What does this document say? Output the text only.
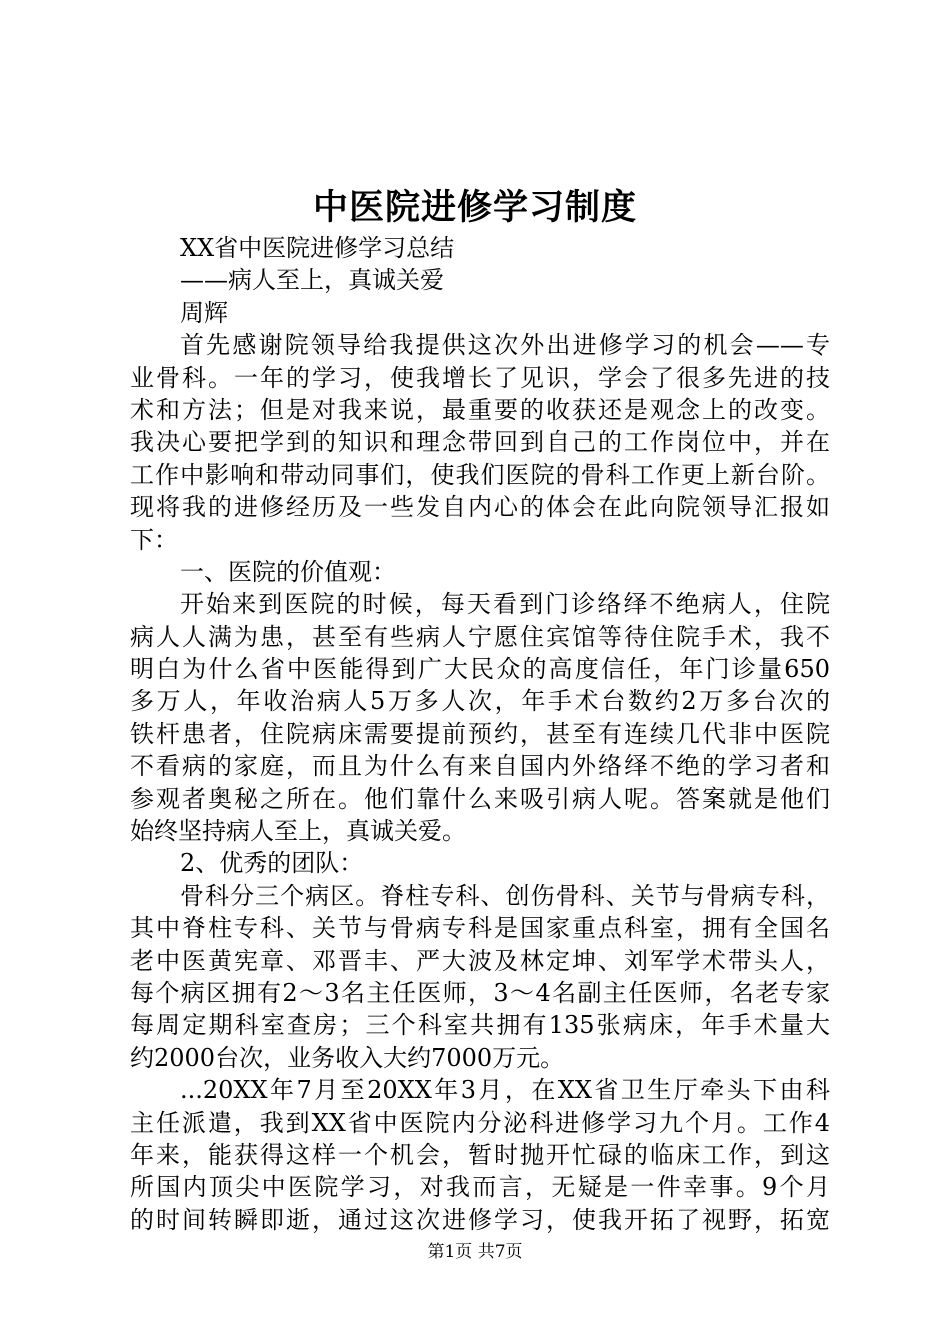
中医院进修学习制度

XX省中医院进修学习总结

——病人至上，真诚关爱

周辉

首先感谢院领导给我提供这次外出进修学习的机会——专

业骨科。一年的学习，使我增长了见识，学会了很多先进的技

术和方法；但是对我来说，最重要的收获还是观念上的改变。

我决心要把学到的知识和理念带回到自己的工作岗位中，并在

工作中影响和带动同事们，使我们医院的骨科工作更上新台阶。

现将我的进修经历及一些发自内心的体会在此向院领导汇报如

下：

一、医院的价值观：

开始来到医院的时候，每天看到门诊络绎不绝病人，住院

病人人满为患，甚至有些病人宁愿住宾馆等待住院手术，我不

明白为什么省中医能得到广大民众的高度信任，年门诊量650

多万人，年收治病人5万多人次，年手术台数约2万多台次的

铁杆患者，住院病床需要提前预约，甚至有连续几代非中医院

不看病的家庭，而且为什么有来自国内外络绎不绝的学习者和

参观者奥秘之所在。他们靠什么来吸引病人呢。答案就是他们

始终坚持病人至上，真诚关爱。

2、优秀的团队：

骨科分三个病区。脊柱专科、创伤骨科、关节与骨病专科，

其中脊柱专科、关节与骨病专科是国家重点科室，拥有全国名

老中医黄宪章、邓晋丰、严大波及林定坤、刘军学术带头人，

每个病区拥有2～3名主任医师，3～4名副主任医师，名老专家

每周定期科室查房；三个科室共拥有135张病床，年手术量大

约2000台次，业务收入大约7000万元。

...20XX年7月至20XX年3月，在XX省卫生厅牵头下由科

主任派遣，我到XX省中医院内分泌科进修学习九个月。工作4

年来，能获得这样一个机会，暂时抛开忙碌的临床工作，到这

所国内顶尖中医院学习，对我而言，无疑是一件幸事。9个月

的时间转瞬即逝，通过这次进修学习，使我开拓了视野，拓宽

第1页 共7页
